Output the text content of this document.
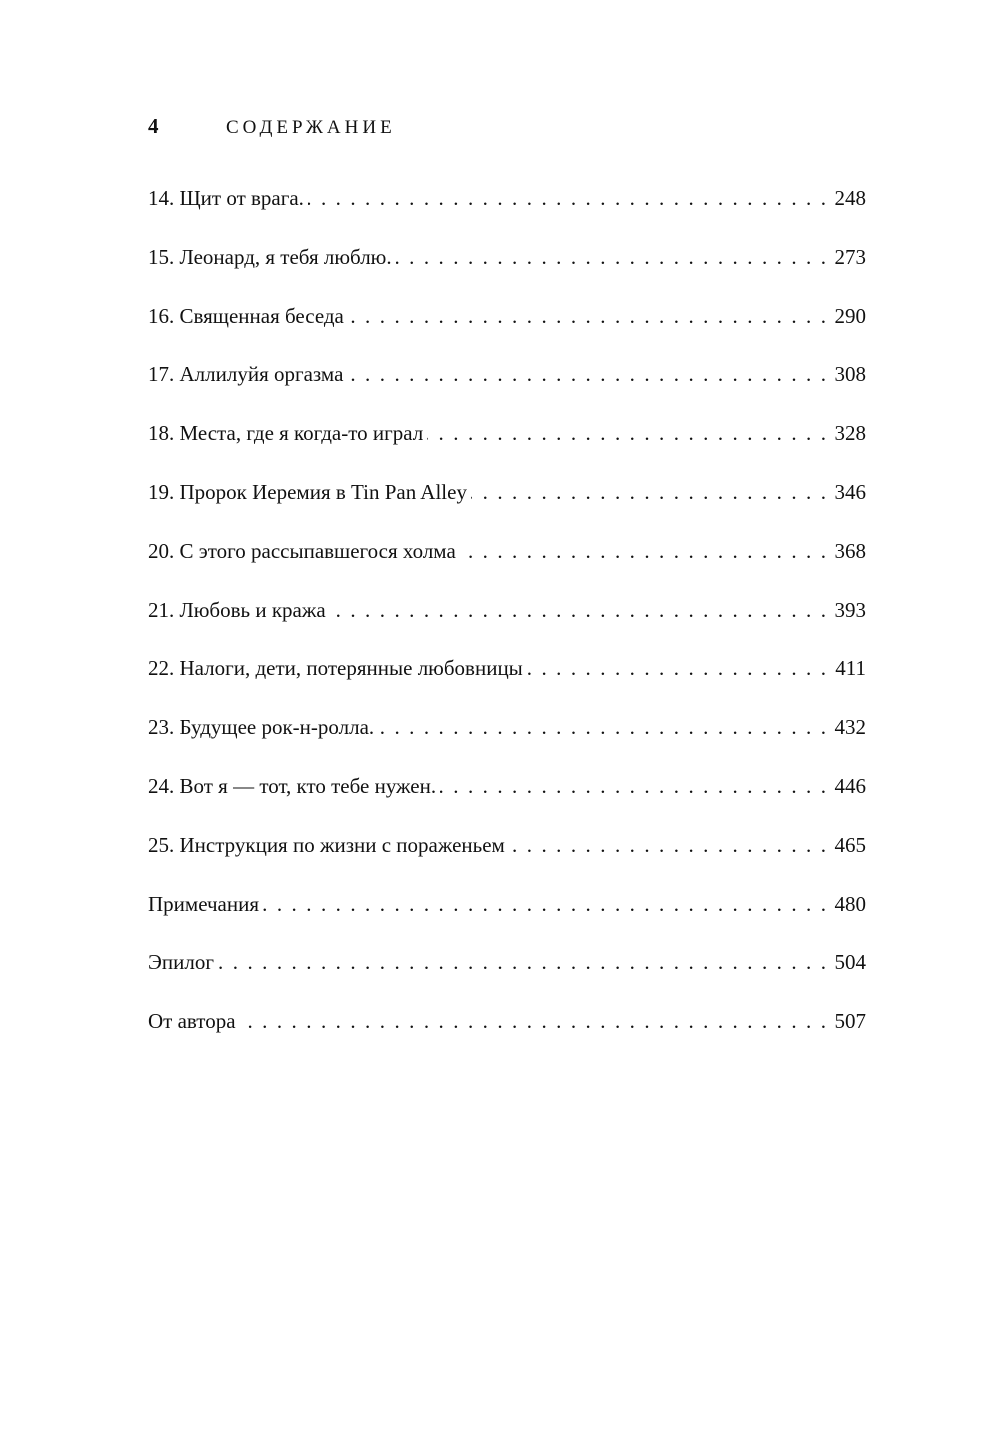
4	СОДЕРЖАНИЕ
14. Щит от врага. . . .	248
15. Леонард, я тебя люблю. . . .	273
16. Священная беседа . . .	290
17. Аллилуйя оргазма . . .	308
18. Места, где я когда-то играл . . .	328
19. Пророк Иеремия в Tin Pan Alley . . .	346
20. С этого рассыпавшегося холма . . .	368
21. Любовь и кража . . .	393
22. Налоги, дети, потерянные любовницы . . .	411
23. Будущее рок-н-ролла. . . .	432
24. Вот я — тот, кто тебе нужен. . . .	446
25. Инструкция по жизни с пораженьем . . .	465
Примечания . . .	480
Эпилог . . .	504
От автора . . .	507
